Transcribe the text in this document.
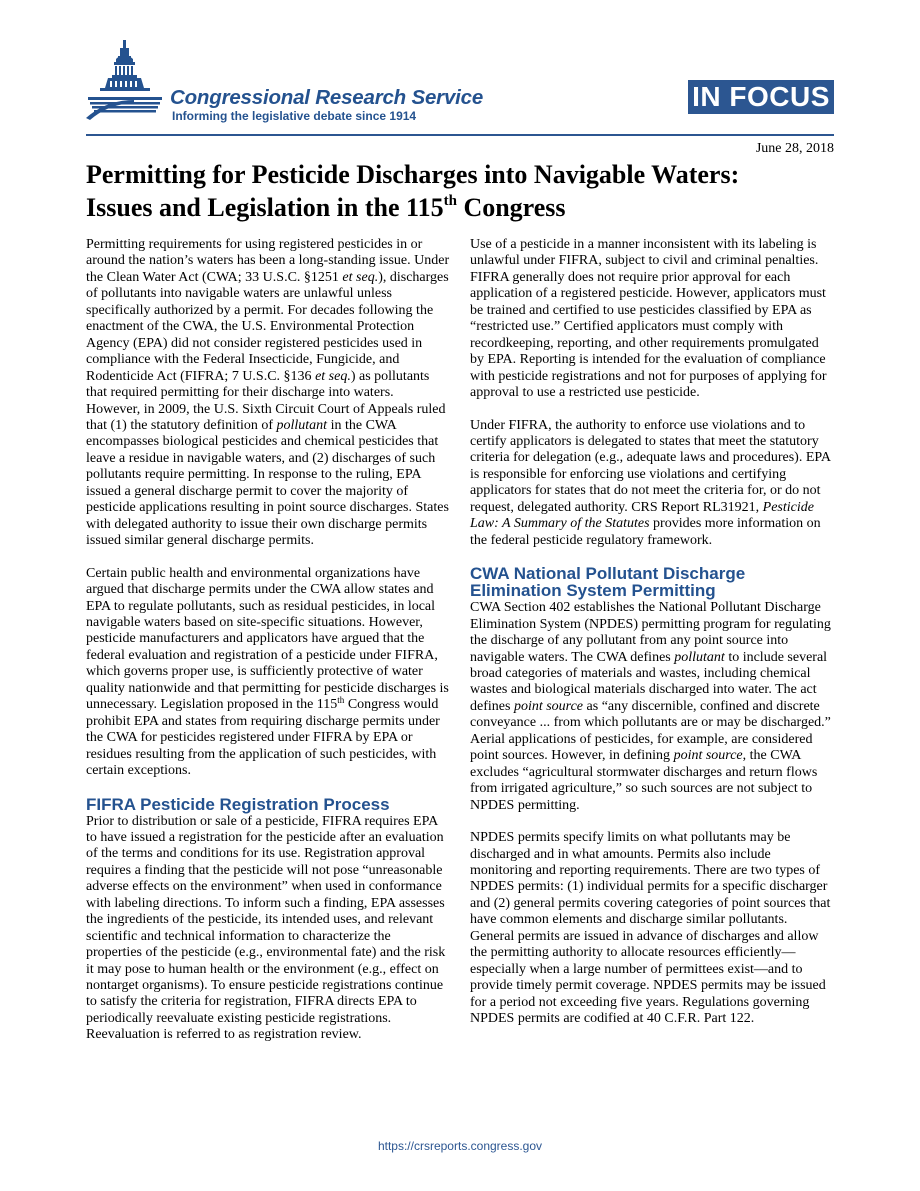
Congressional Research Service
Informing the legislative debate since 1914
IN FOCUS
June 28, 2018
Permitting for Pesticide Discharges into Navigable Waters:
Issues and Legislation in the 115th Congress

Permitting requirements for using registered pesticides in or around the nation’s waters has been a long-standing issue. Under the Clean Water Act (CWA; 33 U.S.C. §1251 et seq.), discharges of pollutants into navigable waters are unlawful unless specifically authorized by a permit. For decades following the enactment of the CWA, the U.S. Environmental Protection Agency (EPA) did not consider registered pesticides used in compliance with the Federal Insecticide, Fungicide, and Rodenticide Act (FIFRA; 7 U.S.C. §136 et seq.) as pollutants that required permitting for their discharge into waters. However, in 2009, the U.S. Sixth Circuit Court of Appeals ruled that (1) the statutory definition of pollutant in the CWA encompasses biological pesticides and chemical pesticides that leave a residue in navigable waters, and (2) discharges of such pollutants require permitting. In response to the ruling, EPA issued a general discharge permit to cover the majority of pesticide applications resulting in point source discharges. States with delegated authority to issue their own discharge permits issued similar general discharge permits.

Certain public health and environmental organizations have argued that discharge permits under the CWA allow states and EPA to regulate pollutants, such as residual pesticides, in local navigable waters based on site-specific situations. However, pesticide manufacturers and applicators have argued that the federal evaluation and registration of a pesticide under FIFRA, which governs proper use, is sufficiently protective of water quality nationwide and that permitting for pesticide discharges is unnecessary. Legislation proposed in the 115th Congress would prohibit EPA and states from requiring discharge permits under the CWA for pesticides registered under FIFRA by EPA or residues resulting from the application of such pesticides, with certain exceptions.

FIFRA Pesticide Registration Process

Prior to distribution or sale of a pesticide, FIFRA requires EPA to have issued a registration for the pesticide after an evaluation of the terms and conditions for its use. Registration approval requires a finding that the pesticide will not pose “unreasonable adverse effects on the environment” when used in conformance with labeling directions. To inform such a finding, EPA assesses the ingredients of the pesticide, its intended uses, and relevant scientific and technical information to characterize the properties of the pesticide (e.g., environmental fate) and the risk it may pose to human health or the environment (e.g., effect on nontarget organisms). To ensure pesticide registrations continue to satisfy the criteria for registration, FIFRA directs EPA to periodically reevaluate existing pesticide registrations. Reevaluation is referred to as registration review.

Use of a pesticide in a manner inconsistent with its labeling is unlawful under FIFRA, subject to civil and criminal penalties. FIFRA generally does not require prior approval for each application of a registered pesticide. However, applicators must be trained and certified to use pesticides classified by EPA as “restricted use.” Certified applicators must comply with recordkeeping, reporting, and other requirements promulgated by EPA. Reporting is intended for the evaluation of compliance with pesticide registrations and not for purposes of applying for approval to use a restricted use pesticide.

Under FIFRA, the authority to enforce use violations and to certify applicators is delegated to states that meet the statutory criteria for delegation (e.g., adequate laws and procedures). EPA is responsible for enforcing use violations and certifying applicators for states that do not meet the criteria for, or do not request, delegated authority. CRS Report RL31921, Pesticide Law: A Summary of the Statutes provides more information on the federal pesticide regulatory framework.

CWA National Pollutant Discharge Elimination System Permitting

CWA Section 402 establishes the National Pollutant Discharge Elimination System (NPDES) permitting program for regulating the discharge of any pollutant from any point source into navigable waters. The CWA defines pollutant to include several broad categories of materials and wastes, including chemical wastes and biological materials discharged into water. The act defines point source as “any discernible, confined and discrete conveyance ... from which pollutants are or may be discharged.” Aerial applications of pesticides, for example, are considered point sources. However, in defining point source, the CWA excludes “agricultural stormwater discharges and return flows from irrigated agriculture,” so such sources are not subject to NPDES permitting.

NPDES permits specify limits on what pollutants may be discharged and in what amounts. Permits also include monitoring and reporting requirements. There are two types of NPDES permits: (1) individual permits for a specific discharger and (2) general permits covering categories of point sources that have common elements and discharge similar pollutants. General permits are issued in advance of discharges and allow the permitting authority to allocate resources efficiently—especially when a large number of permittees exist—and to provide timely permit coverage. NPDES permits may be issued for a period not exceeding five years. Regulations governing NPDES permits are codified at 40 C.F.R. Part 122.

https://crsreports.congress.gov
